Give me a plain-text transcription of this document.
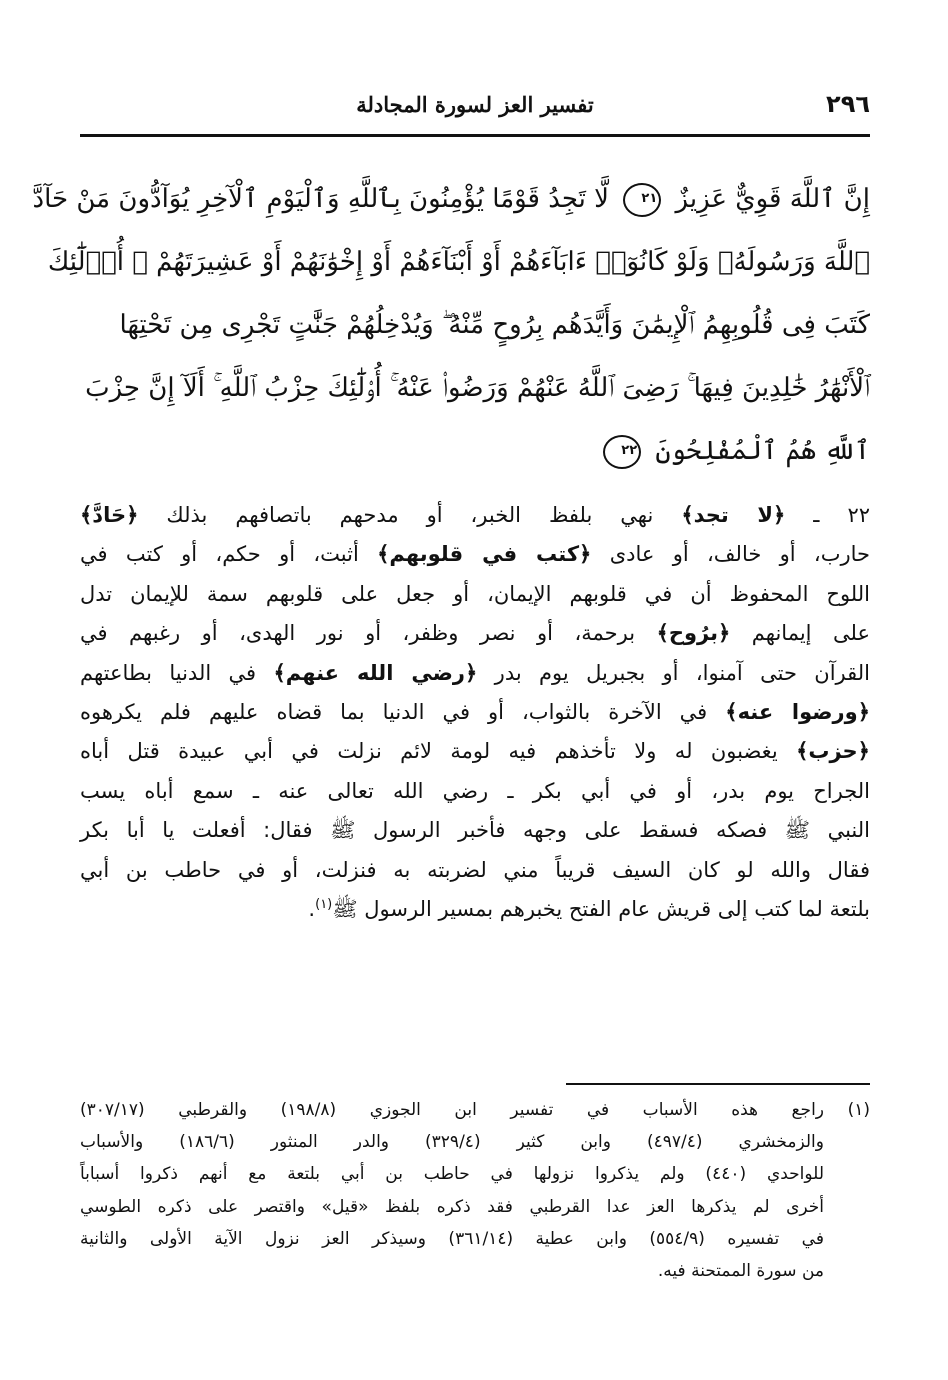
٢٩٦
تفسير العز لسورة المجادلة
إِنَّ ٱللَّهَ قَوِيٌّ عَزِيزٌ ٢١ لَّا تَجِدُ قَوْمًا يُؤْمِنُونَ بِٱللَّهِ وَٱلْيَوْمِ ٱلْآخِرِ يُوَآدُّونَ مَنْ حَآدَّ
ٱللَّهَ وَرَسُولَهُۥ وَلَوْ كَانُوٓا۟ ءَابَآءَهُمْ أَوْ أَبْنَآءَهُمْ أَوْ إِخْوَٰنَهُمْ أَوْ عَشِيرَتَهُمْ ۚ أُو۟لَٰٓئِكَ
كَتَبَ فِى قُلُوبِهِمُ ٱلْإِيمَٰنَ وَأَيَّدَهُم بِرُوحٍ مِّنْهُ ۖ وَيُدْخِلُهُمْ جَنَّٰتٍ تَجْرِى مِن تَحْتِهَا
ٱلْأَنْهَٰرُ خَٰلِدِينَ فِيهَا ۚ رَضِىَ ٱللَّهُ عَنْهُمْ وَرَضُوا۟ عَنْهُ ۚ أُو۟لَٰٓئِكَ حِزْبُ ٱللَّهِ ۚ أَلَآ إِنَّ حِزْبَ
ٱللَّهِ هُمُ ٱلْمُفْلِحُونَ ٢٢
٢٢ ـ ﴿لا تجد﴾ نهي بلفظ الخبر، أو مدحهم باتصافهم بذلك ﴿حَادَّ﴾
حارب، أو خالف، أو عادى ﴿كتب في قلوبهم﴾ أثبت، أو حكم، أو كتب في
اللوح المحفوظ أن في قلوبهم الإيمان، أو جعل على قلوبهم سمة للإيمان تدل
على إيمانهم ﴿برُوح﴾ برحمة، أو نصر وظفر، أو نور الهدى، أو رغبهم في
القرآن حتى آمنوا، أو بجبريل يوم بدر ﴿رضي الله عنهم﴾ في الدنيا بطاعتهم
﴿ورضوا عنه﴾ في الآخرة بالثواب، أو في الدنيا بما قضاه عليهم فلم يكرهوه
﴿حزب﴾ يغضبون له ولا تأخذهم فيه لومة لائم نزلت في أبي عبيدة قتل أباه
الجراح يوم بدر، أو في أبي بكر ـ رضي الله تعالى عنه ـ سمع أباه يسب
النبي ﷺ فصكه فسقط على وجهه فأخبر الرسول ﷺ فقال: أفعلت يا أبا بكر
فقال والله لو كان السيف قريباً مني لضربته به فنزلت، أو في حاطب بن أبي
بلتعة لما كتب إلى قريش عام الفتح يخبرهم بمسير الرسول ﷺ$^{(١)}$.
(١)
راجع هذه الأسباب في تفسير ابن الجوزي (١٩٨/٨) والقرطبي (٣٠٧/١٧)
والزمخشري (٤٩٧/٤) وابن كثير (٣٢٩/٤) والدر المنثور (١٨٦/٦) والأسباب
للواحدي (٤٤٠) ولم يذكروا نزولها في حاطب بن أبي بلتعة مع أنهم ذكروا أسباباً
أخرى لم يذكرها العز عدا القرطبي فقد ذكره بلفظ «قيل» واقتصر على ذكره الطوسي
في تفسيره (٥٥٤/٩) وابن عطية (٣٦١/١٤) وسيذكر العز نزول الآية الأولى والثانية
من سورة الممتحنة فيه.
